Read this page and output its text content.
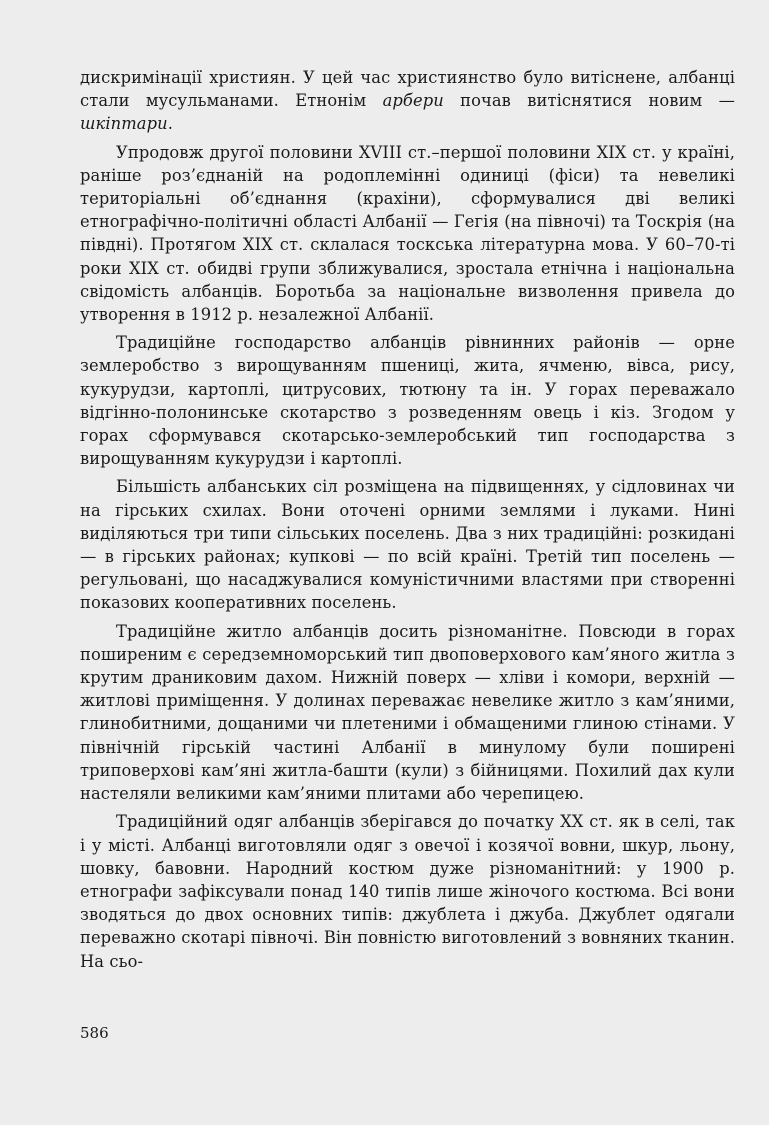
дискримінації християн. У цей час християнство було витіснене, албанці стали мусульманами. Етнонім арбери почав витіснятися новим — шкіптари.

Упродовж другої половини XVIII ст.–першої половини XIX ст. у країні, раніше роз’єднаній на родоплемінні одиниці (фіси) та невеликі територіальні об’єднання (крахіни), сформувалися дві великі етнографічно-політичні області Албанії — Гегія (на півночі) та Тоскрія (на півдні). Протягом XIX ст. склалася тоскська літературна мова. У 60–70-ті роки XIX ст. обидві групи зближувалися, зростала етнічна і національна свідомість албанців. Боротьба за національне визволення привела до утворення в 1912 р. незалежної Албанії.

Традиційне господарство албанців рівнинних районів — орне землеробство з вирощуванням пшениці, жита, ячменю, вівса, рису, кукурудзи, картоплі, цитрусових, тютюну та ін. У горах переважало відгінно-полонинське скотарство з розведенням овець і кіз. Згодом у горах сформувався скотарсько-землеробський тип господарства з вирощуванням кукурудзи і картоплі.

Більшість албанських сіл розміщена на підвищеннях, у сідловинах чи на гірських схилах. Вони оточені орними землями і луками. Нині виділяються три типи сільських поселень. Два з них традиційні: розкидані — в гірських районах; купкові — по всій країні. Третій тип поселень — регульовані, що насаджувалися комуністичними властями при створенні показових кооперативних поселень.

Традиційне житло албанців досить різноманітне. Повсюди в горах поширеним є середземноморський тип двоповерхового кам’яного житла з крутим драниковим дахом. Нижній поверх — хліви і комори, верхній — житлові приміщення. У долинах переважає невелике житло з кам’яними, глинобитними, дощаними чи плетеними і обмащеними глиною стінами. У північній гірській частині Албанії в минулому були поширені триповерхові кам’яні житла-башти (кули) з бійницями. Похилий дах кули настеляли великими кам’яними плитами або черепицею.

Традиційний одяг албанців зберігався до початку XX ст. як в селі, так і у місті. Албанці виготовляли одяг з овечої і козячої вовни, шкур, льону, шовку, бавовни. Народний костюм дуже різноманітний: у 1900 р. етнографи зафіксували понад 140 типів лише жіночого костюма. Всі вони зводяться до двох основних типів: джублета і джуба. Джублет одягали переважно скотарі півночі. Він повністю виготовлений з вовняних тканин. На сьо-

586
